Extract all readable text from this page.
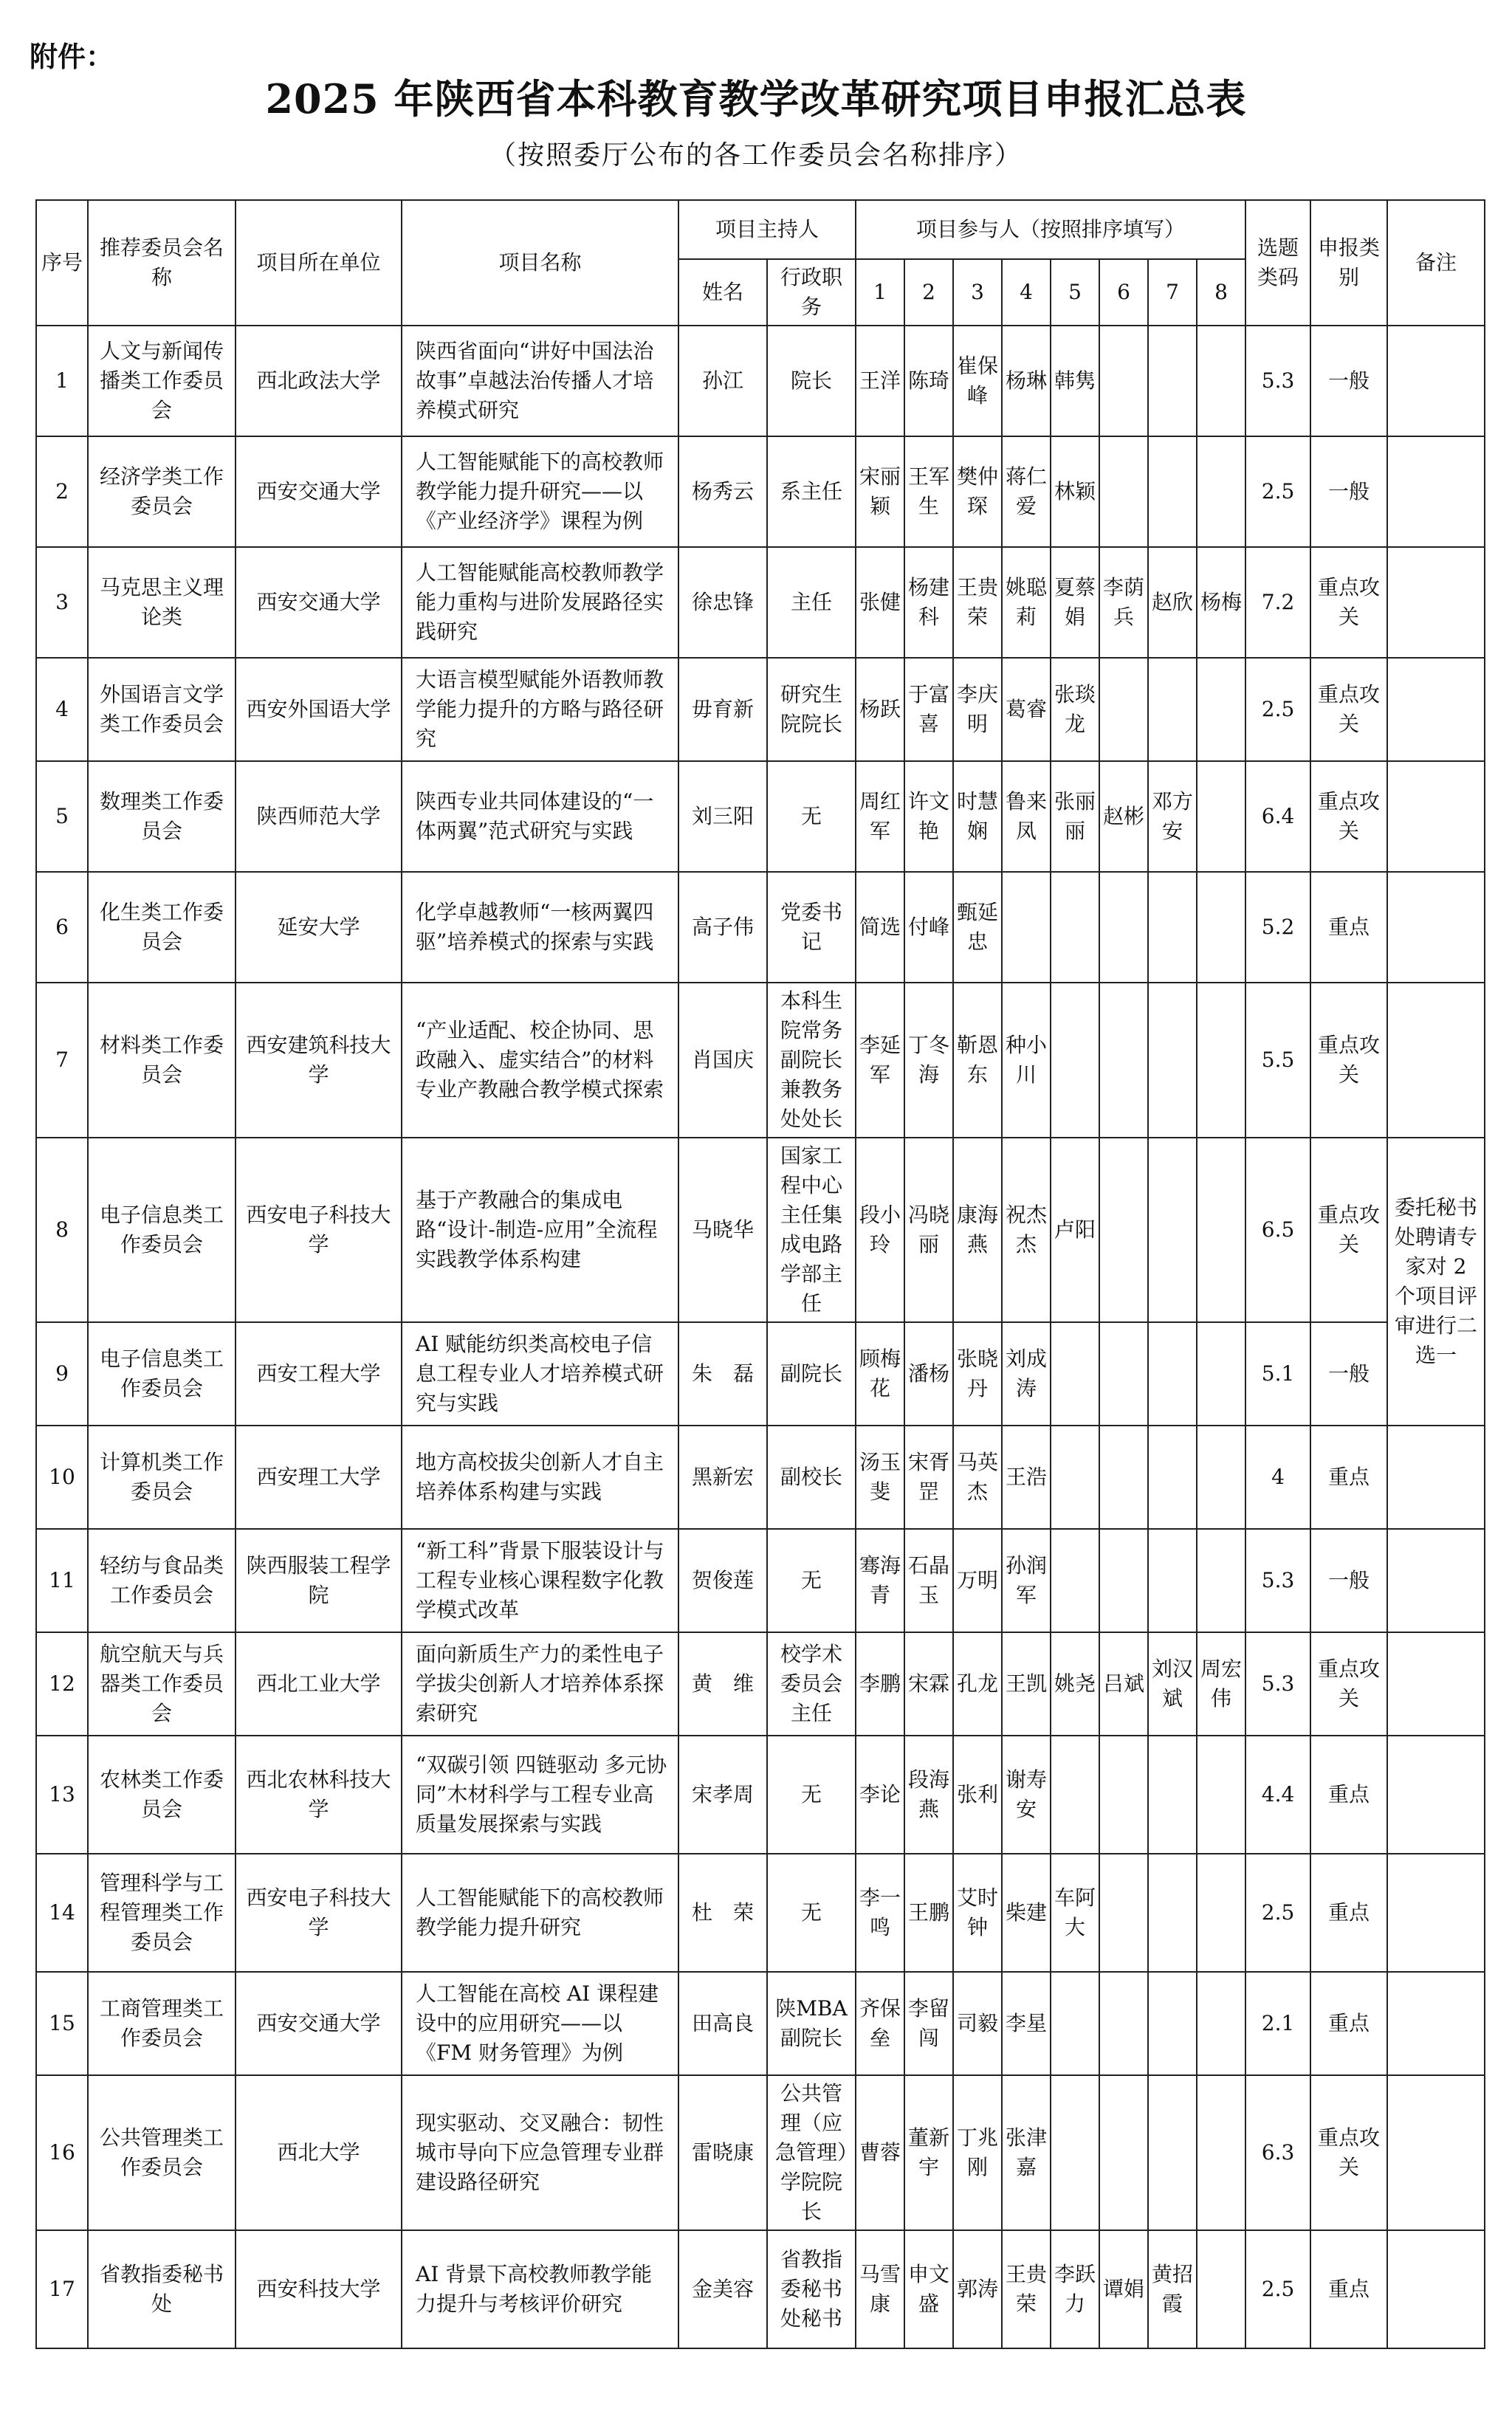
附件：
2025 年陕西省本科教育教学改革研究项目申报汇总表
（按照委厅公布的各工作委员会名称排序）
序号	推荐委员会名称	项目所在单位	项目名称	项目主持人		项目参与人（按照排序填写）								选题类码	申报类别	备注
				姓名	行政职务	1	2	3	4	5	6	7	8			
1	人文与新闻传播类工作委员会	西北政法大学	陕西省面向“讲好中国法治故事”卓越法治传播人才培养模式研究	孙江	院长	王洋	陈琦	崔保峰	杨琳	韩隽				5.3	一般	
2	经济学类工作委员会	西安交通大学	人工智能赋能下的高校教师教学能力提升研究——以《产业经济学》课程为例	杨秀云	系主任	宋丽颖	王军生	樊仲琛	蒋仁爱	林颖				2.5	一般	
3	马克思主义理论类	西安交通大学	人工智能赋能高校教师教学能力重构与进阶发展路径实践研究	徐忠锋	主任	张健	杨建科	王贵荣	姚聪莉	夏蔡娟	李荫兵	赵欣	杨梅	7.2	重点攻关	
4	外国语言文学类工作委员会	西安外国语大学	大语言模型赋能外语教师教学能力提升的方略与路径研究	毋育新	研究生院院长	杨跃	于富喜	李庆明	葛睿	张琰龙				2.5	重点攻关	
5	数理类工作委员会	陕西师范大学	陕西专业共同体建设的“一体两翼”范式研究与实践	刘三阳	无	周红军	许文艳	时慧娴	鲁来凤	张丽丽	赵彬	邓方安		6.4	重点攻关	
6	化生类工作委员会	延安大学	化学卓越教师“一核两翼四驱”培养模式的探索与实践	高子伟	党委书记	简选	付峰	甄延忠						5.2	重点	
7	材料类工作委员会	西安建筑科技大学	“产业适配、校企协同、思政融入、虚实结合”的材料专业产教融合教学模式探索	肖国庆	本科生院常务副院长兼教务处处长	李延军	丁冬海	靳恩东	种小川					5.5	重点攻关	
8	电子信息类工作委员会	西安电子科技大学	基于产教融合的集成电路“设计-制造-应用”全流程实践教学体系构建	马晓华	国家工程中心主任集成电路学部主任	段小玲	冯晓丽	康海燕	祝杰杰	卢阳				6.5	重点攻关	委托秘书处聘请专家对 2 个项目评审进行二选一
9	电子信息类工作委员会	西安工程大学	AI 赋能纺织类高校电子信息工程专业人才培养模式研究与实践	朱　磊	副院长	顾梅花	潘杨	张晓丹	刘成涛					5.1	一般	
10	计算机类工作委员会	西安理工大学	地方高校拔尖创新人才自主培养体系构建与实践	黑新宏	副校长	汤玉斐	宋胥罡	马英杰	王浩					4	重点	
11	轻纺与食品类工作委员会	陕西服装工程学院	“新工科”背景下服装设计与工程专业核心课程数字化教学模式改革	贺俊莲	无	骞海青	石晶玉	万明	孙润军					5.3	一般	
12	航空航天与兵器类工作委员会	西北工业大学	面向新质生产力的柔性电子学拔尖创新人才培养体系探索研究	黄　维	校学术委员会主任	李鹏	宋霖	孔龙	王凯	姚尧	吕斌	刘汉斌	周宏伟	5.3	重点攻关	
13	农林类工作委员会	西北农林科技大学	“双碳引领 四链驱动 多元协同”木材科学与工程专业高质量发展探索与实践	宋孝周	无	李论	段海燕	张利	谢寿安					4.4	重点	
14	管理科学与工程管理类工作委员会	西安电子科技大学	人工智能赋能下的高校教师教学能力提升研究	杜　荣	无	李一鸣	王鹏	艾时钟	柴建	车阿大				2.5	重点	
15	工商管理类工作委员会	西安交通大学	人工智能在高校 AI 课程建设中的应用研究——以《FM 财务管理》为例	田高良	陕MBA副院长	齐保垒	李留闯	司毅	李星					2.1	重点	
16	公共管理类工作委员会	西北大学	现实驱动、交叉融合：韧性城市导向下应急管理专业群建设路径研究	雷晓康	公共管理（应急管理）学院院长	曹蓉	董新宇	丁兆刚	张津嘉					6.3	重点攻关	
17	省教指委秘书处	西安科技大学	AI 背景下高校教师教学能力提升与考核评价研究	金美容	省教指委秘书处秘书	马雪康	申文盛	郭涛	王贵荣	李跃力	谭娟	黄招霞		2.5	重点	
